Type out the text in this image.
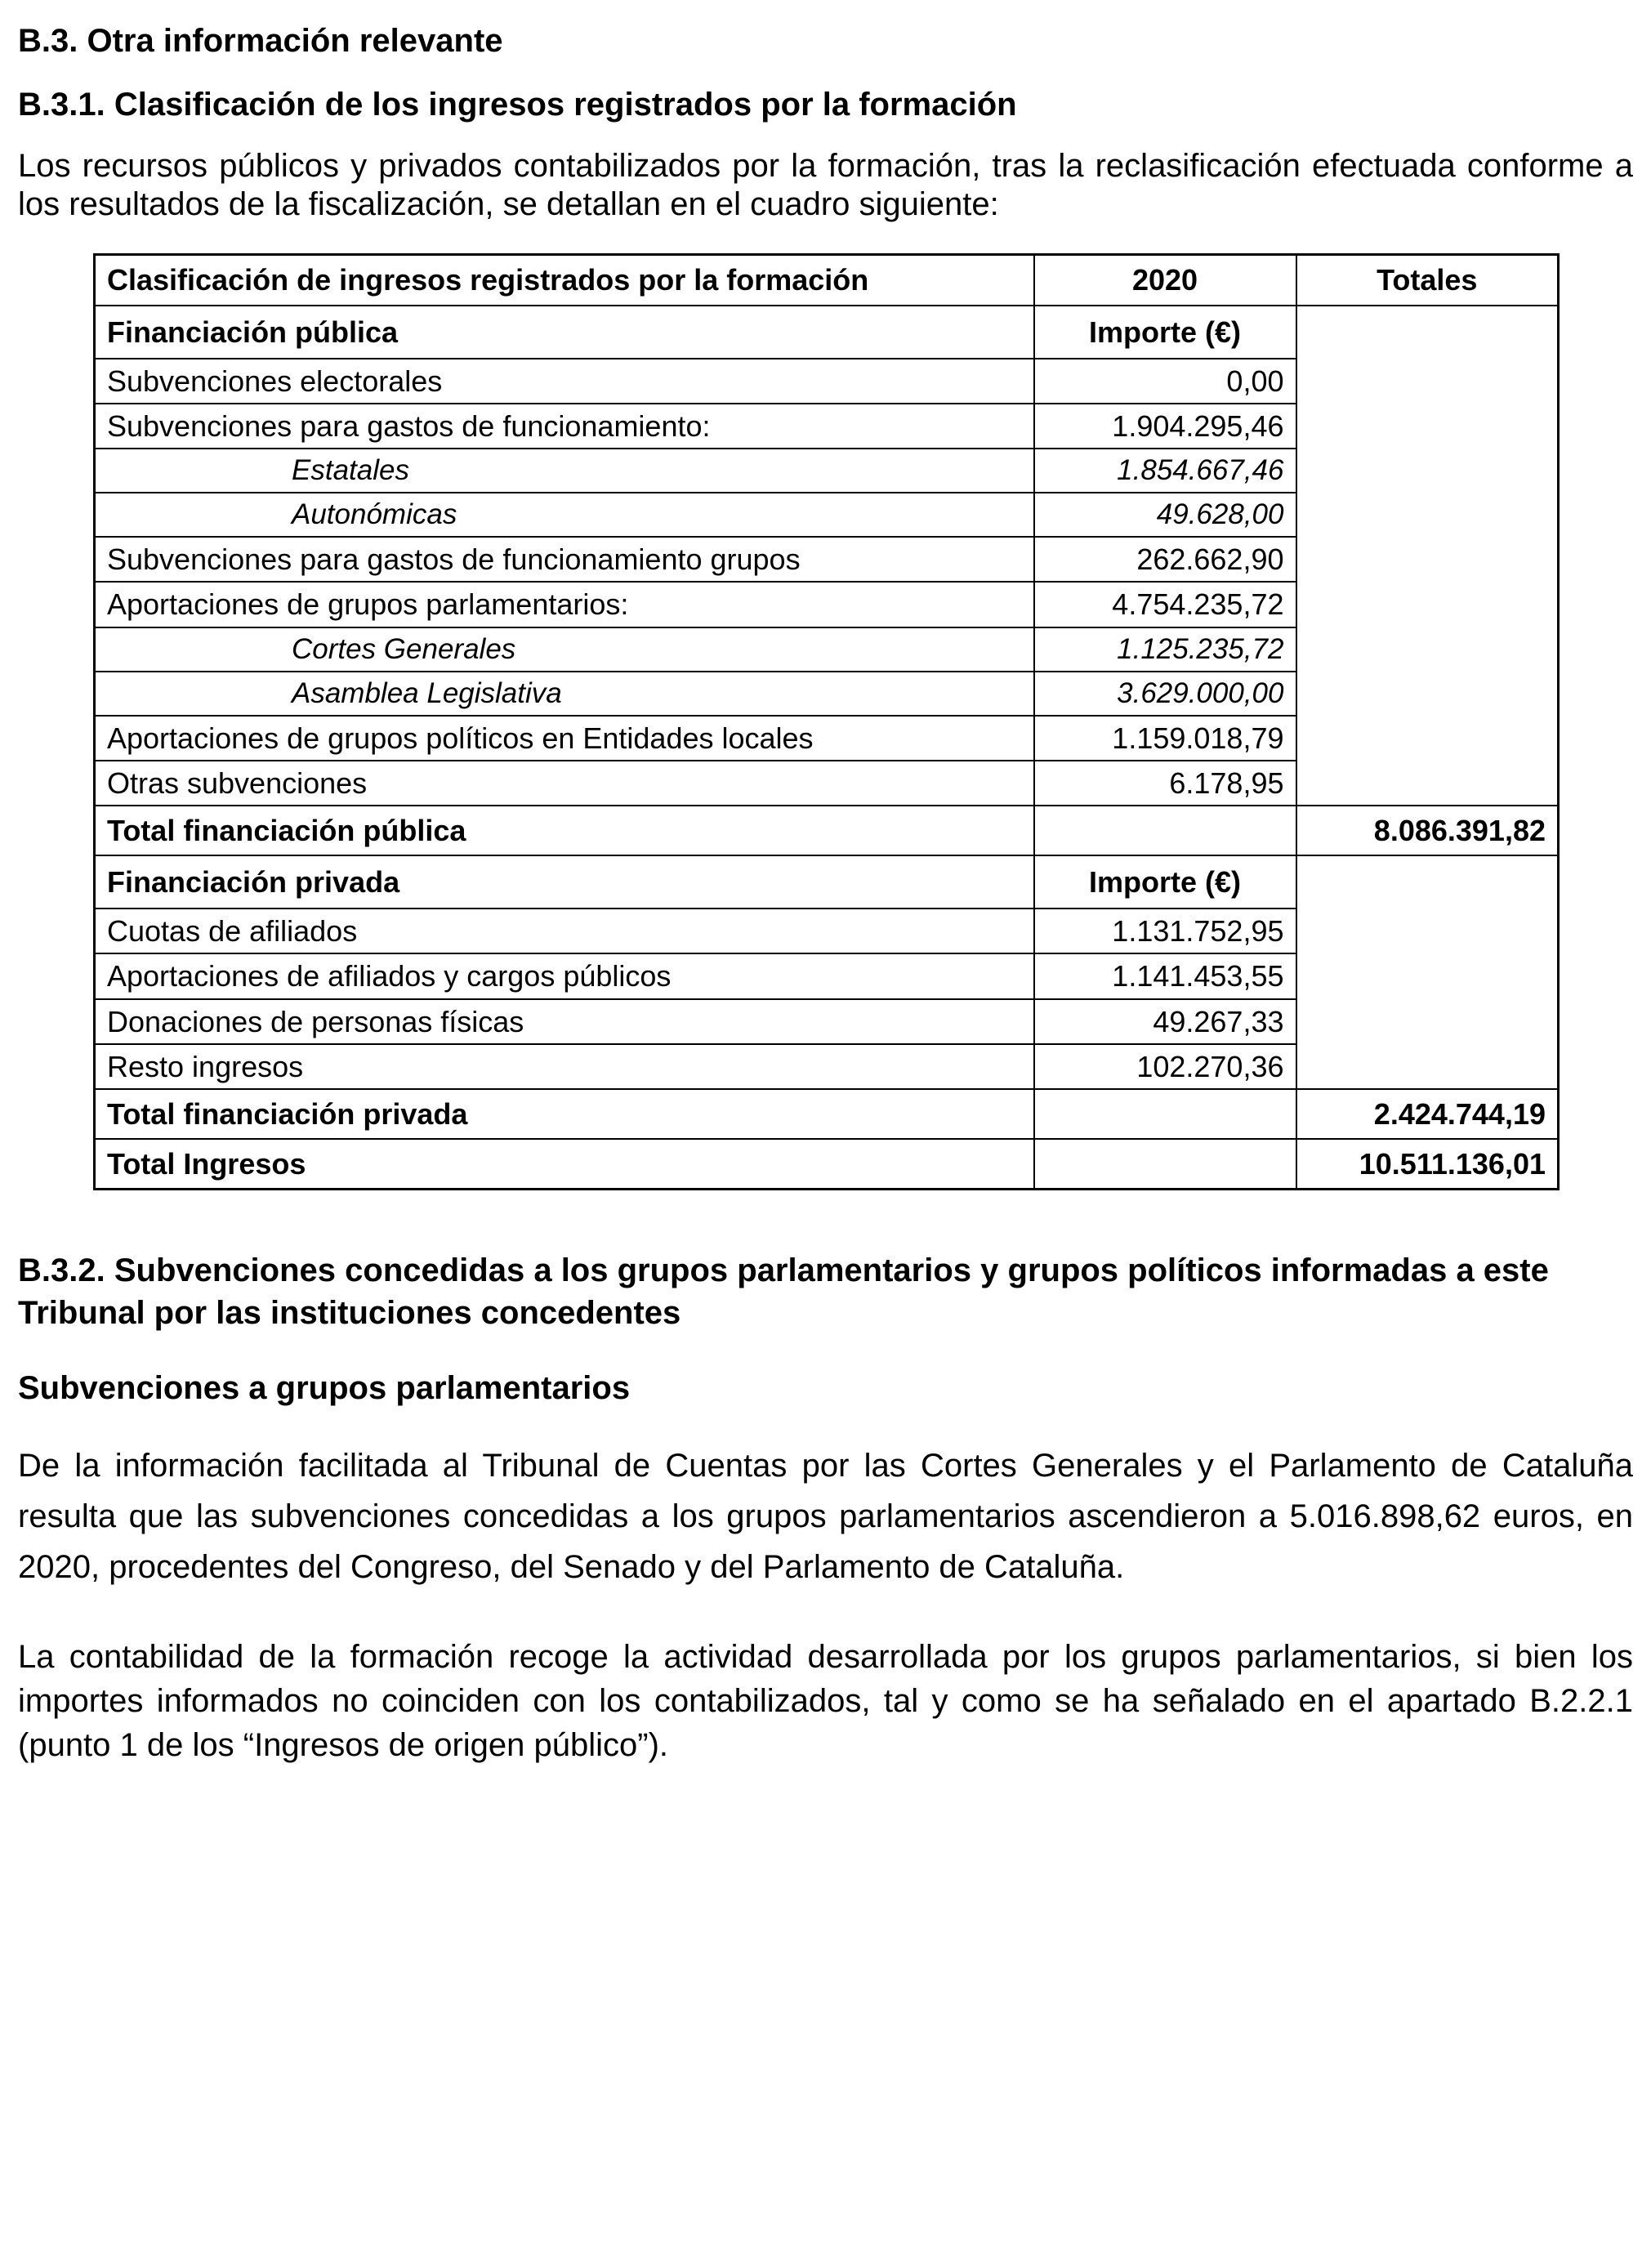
B.3. Otra información relevante
B.3.1. Clasificación de los ingresos registrados por la formación

Los recursos públicos y privados contabilizados por la formación, tras la reclasificación efectuada conforme a los resultados de la fiscalización, se detallan en el cuadro siguiente:

Clasificación de ingresos registrados por la formación	2020	Totales
Financiación pública	Importe (€)	
Subvenciones electorales	0,00	
Subvenciones para gastos de funcionamiento:	1.904.295,46	
Estatales	1.854.667,46	
Autonómicas	49.628,00	
Subvenciones para gastos de funcionamiento grupos	262.662,90	
Aportaciones de grupos parlamentarios:	4.754.235,72	
Cortes Generales	1.125.235,72	
Asamblea Legislativa	3.629.000,00	
Aportaciones de grupos políticos en Entidades locales	1.159.018,79	
Otras subvenciones	6.178,95	
Total financiación pública		8.086.391,82
Financiación privada	Importe (€)	
Cuotas de afiliados	1.131.752,95	
Aportaciones de afiliados y cargos públicos	1.141.453,55	
Donaciones de personas físicas	49.267,33	
Resto ingresos	102.270,36	
Total financiación privada		2.424.744,19
Total Ingresos		10.511.136,01
B.3.2. Subvenciones concedidas a los grupos parlamentarios y grupos políticos informadas a este Tribunal por las instituciones concedentes
Subvenciones a grupos parlamentarios

De la información facilitada al Tribunal de Cuentas por las Cortes Generales y el Parlamento de Cataluña resulta que las subvenciones concedidas a los grupos parlamentarios ascendieron a 5.016.898,62 euros, en 2020, procedentes del Congreso, del Senado y del Parlamento de Cataluña.

La contabilidad de la formación recoge la actividad desarrollada por los grupos parlamentarios, si bien los importes informados no coinciden con los contabilizados, tal y como se ha señalado en el apartado B.2.2.1 (punto 1 de los “Ingresos de origen público”).
